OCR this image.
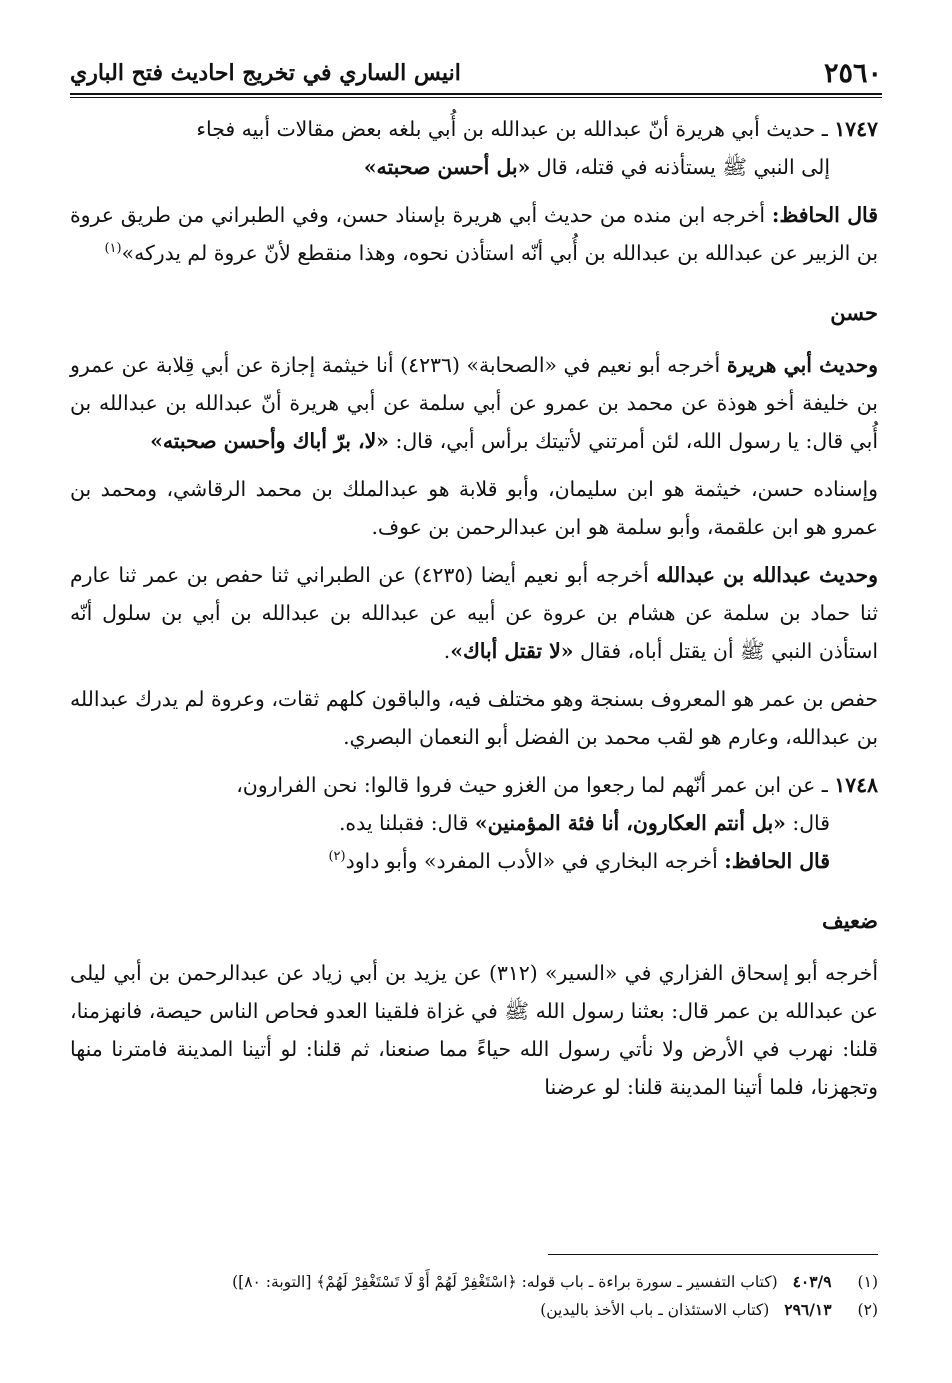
٢٥٦٠
انيس الساري في تخريج احاديث فتح الباري

١٧٤٧ ـ حديث أبي هريرة أنّ عبدالله بن عبدالله بن أُبي بلغه بعض مقالات أبيه فجاء
إلى النبي ﷺ يستأذنه في قتله، قال «بل أحسن صحبته»

قال الحافظ: أخرجه ابن منده من حديث أبي هريرة بإسناد حسن، وفي الطبراني من طريق عروة بن الزبير عن عبدالله بن عبدالله بن أُبي أنّه استأذن نحوه، وهذا منقطع لأنّ عروة لم يدركه»$^{(١)}$

حسن

وحديث أبي هريرة أخرجه أبو نعيم في «الصحابة» (٤٢٣٦) أنا خيثمة إجازة عن أبي قِلابة عن عمرو بن خليفة أخو هوذة عن محمد بن عمرو عن أبي سلمة عن أبي هريرة أنّ عبدالله بن عبدالله بن أُبي قال: يا رسول الله، لئن أمرتني لأتيتك برأس أبي، قال: «لا، برّ أباك وأحسن صحبته»

وإسناده حسن، خيثمة هو ابن سليمان، وأبو قلابة هو عبدالملك بن محمد الرقاشي، ومحمد بن عمرو هو ابن علقمة، وأبو سلمة هو ابن عبدالرحمن بن عوف.

وحديث عبدالله بن عبدالله أخرجه أبو نعيم أيضا (٤٢٣٥) عن الطبراني ثنا حفص بن عمر ثنا عارم ثنا حماد بن سلمة عن هشام بن عروة عن أبيه عن عبدالله بن عبدالله بن أبي بن سلول أنّه استأذن النبي ﷺ أن يقتل أباه، فقال «لا تقتل أباك».

حفص بن عمر هو المعروف بسنجة وهو مختلف فيه، والباقون كلهم ثقات، وعروة لم يدرك عبدالله بن عبدالله، وعارم هو لقب محمد بن الفضل أبو النعمان البصري.

١٧٤٨ ـ عن ابن عمر أنّهم لما رجعوا من الغزو حيث فروا قالوا: نحن الفرارون،
قال: «بل أنتم العكارون، أنا فئة المؤمنين» قال: فقبلنا يده.
قال الحافظ: أخرجه البخاري في «الأدب المفرد» وأبو داود$^{(٢)}$

ضعيف

أخرجه أبو إسحاق الفزاري في «السير» (٣١٢) عن يزيد بن أبي زياد عن عبدالرحمن بن أبي ليلى عن عبدالله بن عمر قال: بعثنا رسول الله ﷺ في غزاة فلقينا العدو فحاص الناس حيصة، فانهزمنا، قلنا: نهرب في الأرض ولا نأتي رسول الله حياءً مما صنعنا، ثم قلنا: لو أتينا المدينة فامترنا منها وتجهزنا، فلما أتينا المدينة قلنا: لو عرضنا

(١)٤٠٣/٩ (كتاب التفسير ـ سورة براءة ـ باب قوله: ﴿اسْتَغْفِرْ لَهُمْ أَوْ لَا تَسْتَغْفِرْ لَهُمْ﴾ [التوبة: ٨٠])
(٢)٢٩٦/١٣ (كتاب الاستئذان ـ باب الأخذ باليدين)
